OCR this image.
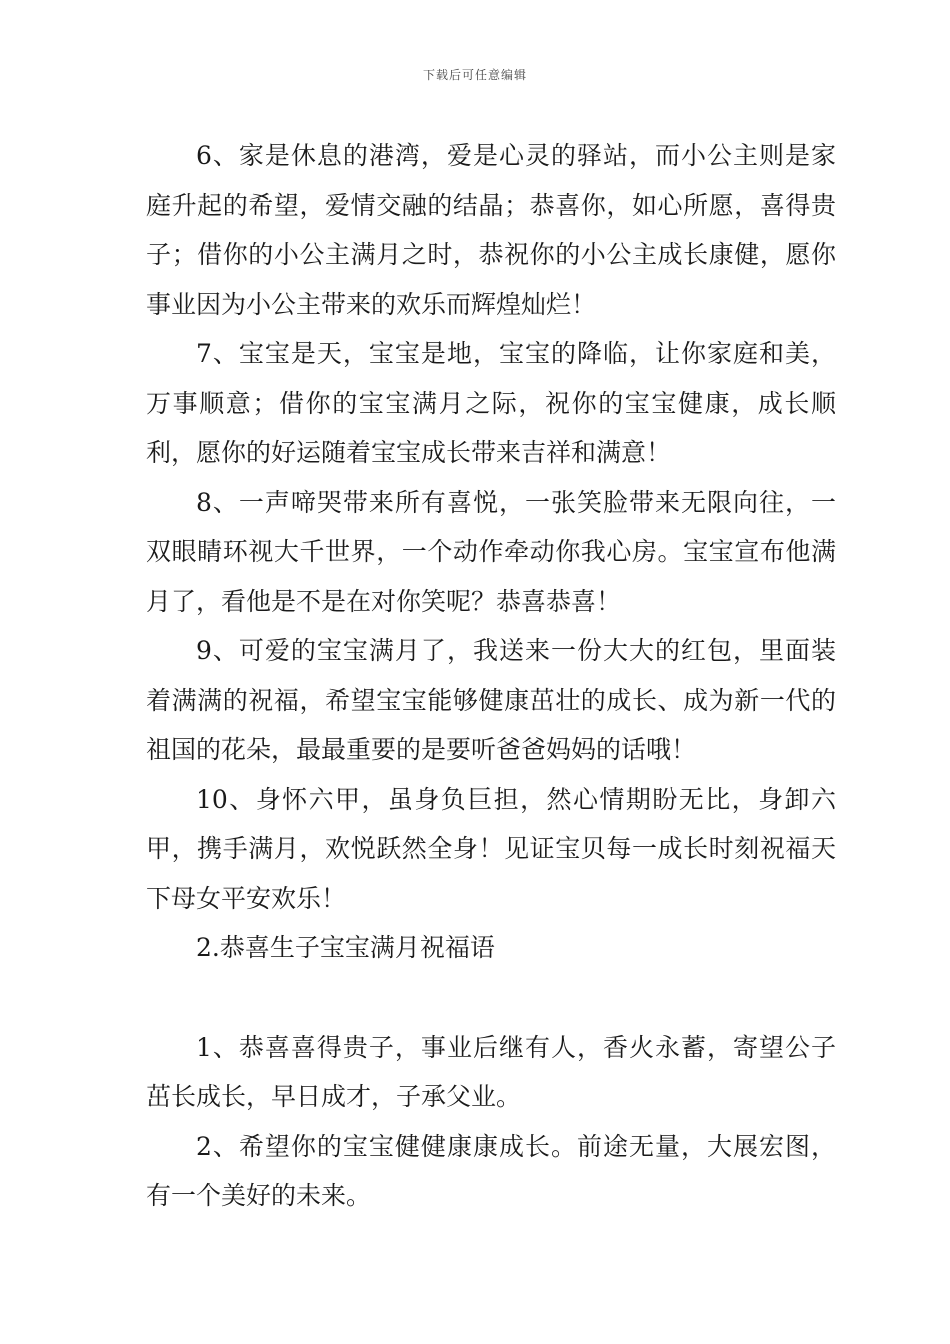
下载后可任意编辑

6、家是休息的港湾，爱是心灵的驿站，而小公主则是家庭升起的希望，爱情交融的结晶；恭喜你，如心所愿，喜得贵子；借你的小公主满月之时，恭祝你的小公主成长康健，愿你事业因为小公主带来的欢乐而辉煌灿烂！

7、宝宝是天，宝宝是地，宝宝的降临，让你家庭和美，万事顺意；借你的宝宝满月之际，祝你的宝宝健康，成长顺利，愿你的好运随着宝宝成长带来吉祥和满意！

8、一声啼哭带来所有喜悦，一张笑脸带来无限向往，一双眼睛环视大千世界，一个动作牵动你我心房。宝宝宣布他满月了，看他是不是在对你笑呢？恭喜恭喜！

9、可爱的宝宝满月了，我送来一份大大的红包，里面装着满满的祝福，希望宝宝能够健康茁壮的成长、成为新一代的祖国的花朵，最最重要的是要听爸爸妈妈的话哦！

10、身怀六甲，虽身负巨担，然心情期盼无比，身卸六甲，携手满月，欢悦跃然全身！见证宝贝每一成长时刻祝福天下母女平安欢乐！

2.恭喜生子宝宝满月祝福语

1、恭喜喜得贵子，事业后继有人，香火永蓄，寄望公子茁长成长，早日成才，子承父业。

2、希望你的宝宝健健康康成长。前途无量，大展宏图，有一个美好的未来。
